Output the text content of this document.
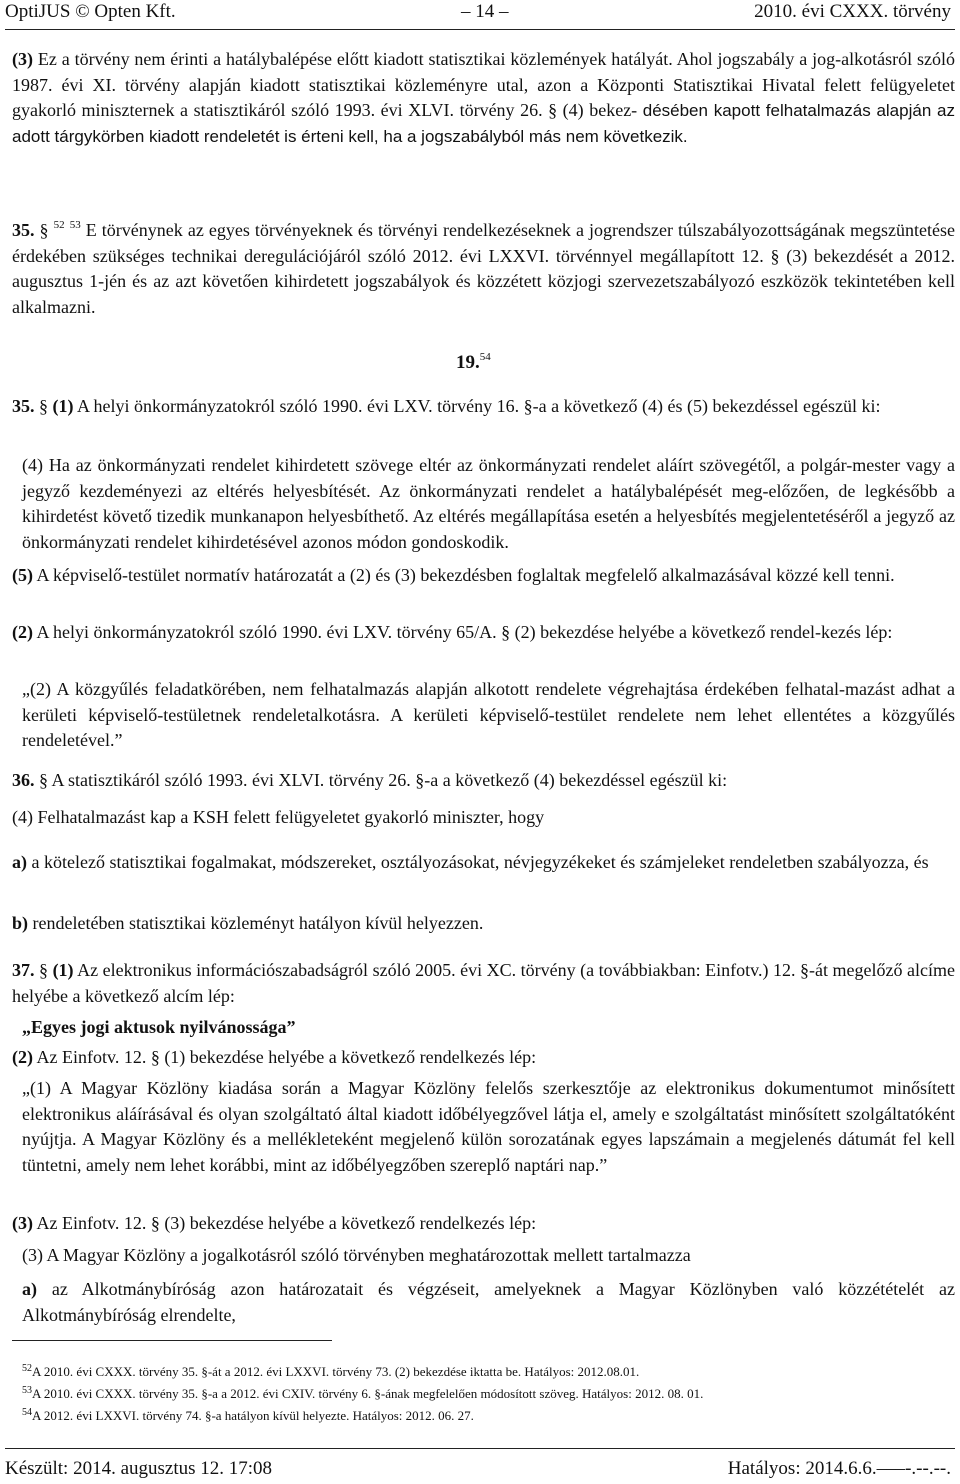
OptiJUS © Opten Kft.	– 14 –	2010. évi CXXX. törvény

(3) Ez a törvény nem érinti a hatálybalépése előtt kiadott statisztikai közlemények hatályát. Ahol jogszabály a jog-alkotásról szóló 1987. évi XI. törvény alapján kiadott statisztikai közleményre utal, azon a Központi Statisztikai Hivatal felett felügyeletet gyakorló miniszternek a statisztikáról szóló 1993. évi XLVI. törvény 26. § (4) bekez- désében kapott felhatalmazás alapján az adott tárgykörben kiadott rendeletét is érteni kell, ha a jogszabályból más nem következik.

35. § $^{52}$ $^{53}$ E törvénynek az egyes törvényeknek és törvényi rendelkezéseknek a jogrendszer túlszabályozottságának megszüntetése érdekében szükséges technikai deregulációjáról szóló 2012. évi LXXVI. törvénnyel megállapított 12. § (3) bekezdését a 2012. augusztus 1-jén és az azt követően kihirdetett jogszabályok és közzétett közjogi szervezetszabályozó eszközök tekintetében kell alkalmazni.

19.54

35. § (1) A helyi önkormányzatokról szóló 1990. évi LXV. törvény 16. §-a a következő (4) és (5) bekezdéssel egészül ki:

(4) Ha az önkormányzati rendelet kihirdetett szövege eltér az önkormányzati rendelet aláírt szövegétől, a polgár-mester vagy a jegyző kezdeményezi az eltérés helyesbítését. Az önkormányzati rendelet a hatálybalépését meg-előzően, de legkésőbb a kihirdetést követő tizedik munkanapon helyesbíthető. Az eltérés megállapítása esetén a helyesbítés megjelentetéséről a jegyző az önkormányzati rendelet kihirdetésével azonos módon gondoskodik.

(5) A képviselő-testület normatív határozatát a (2) és (3) bekezdésben foglaltak megfelelő alkalmazásával közzé kell tenni.

(2) A helyi önkormányzatokról szóló 1990. évi LXV. törvény 65/A. § (2) bekezdése helyébe a következő rendel-kezés lép:

„(2) A közgyűlés feladatkörében, nem felhatalmazás alapján alkotott rendelete végrehajtása érdekében felhatal-mazást adhat a kerületi képviselő-testületnek rendeletalkotásra. A kerületi képviselő-testület rendelete nem lehet ellentétes a közgyűlés rendeletével.”

36. § A statisztikáról szóló 1993. évi XLVI. törvény 26. §-a a következő (4) bekezdéssel egészül ki:

(4) Felhatalmazást kap a KSH felett felügyeletet gyakorló miniszter, hogy

a) a kötelező statisztikai fogalmakat, módszereket, osztályozásokat, névjegyzékeket és számjeleket rendeletben szabályozza, és

b) rendeletében statisztikai közleményt hatályon kívül helyezzen.

37. § (1) Az elektronikus információszabadságról szóló 2005. évi XC. törvény (a továbbiakban: Einfotv.) 12. §-át megelőző alcíme helyébe a következő alcím lép:

„Egyes jogi aktusok nyilvánossága”

(2) Az Einfotv. 12. § (1) bekezdése helyébe a következő rendelkezés lép:

„(1) A Magyar Közlöny kiadása során a Magyar Közlöny felelős szerkesztője az elektronikus dokumentumot minősített elektronikus aláírásával és olyan szolgáltató által kiadott időbélyegzővel látja el, amely e szolgáltatást minősített szolgáltatóként nyújtja. A Magyar Közlöny és a mellékleteként megjelenő külön sorozatának egyes lapszámain a megjelenés dátumát fel kell tüntetni, amely nem lehet korábbi, mint az időbélyegzőben szereplő naptári nap.”

(3) Az Einfotv. 12. § (3) bekezdése helyébe a következő rendelkezés lép:

(3) A Magyar Közlöny a jogalkotásról szóló törvényben meghatározottak mellett tartalmazza

a) az Alkotmánybíróság azon határozatait és végzéseit, amelyeknek a Magyar Közlönyben való közzétételét az Alkotmánybíróság elrendelte,

$^{52}$A 2010. évi CXXX. törvény 35. §-át a 2012. évi LXXVI. törvény 73. (2) bekezdése iktatta be. Hatályos: 2012.08.01.
$^{53}$A 2010. évi CXXX. törvény 35. §-a a 2012. évi CXIV. törvény 6. §-ának megfelelően módosított szöveg. Hatályos: 2012. 08. 01.
$^{54}$A 2012. évi LXXVI. törvény 74. §-a hatályon kívül helyezte. Hatályos: 2012. 06. 27.
Készült: 2014. augusztus 12. 17:08	Hatályos: 2014.6.6.–––-.--.--.
